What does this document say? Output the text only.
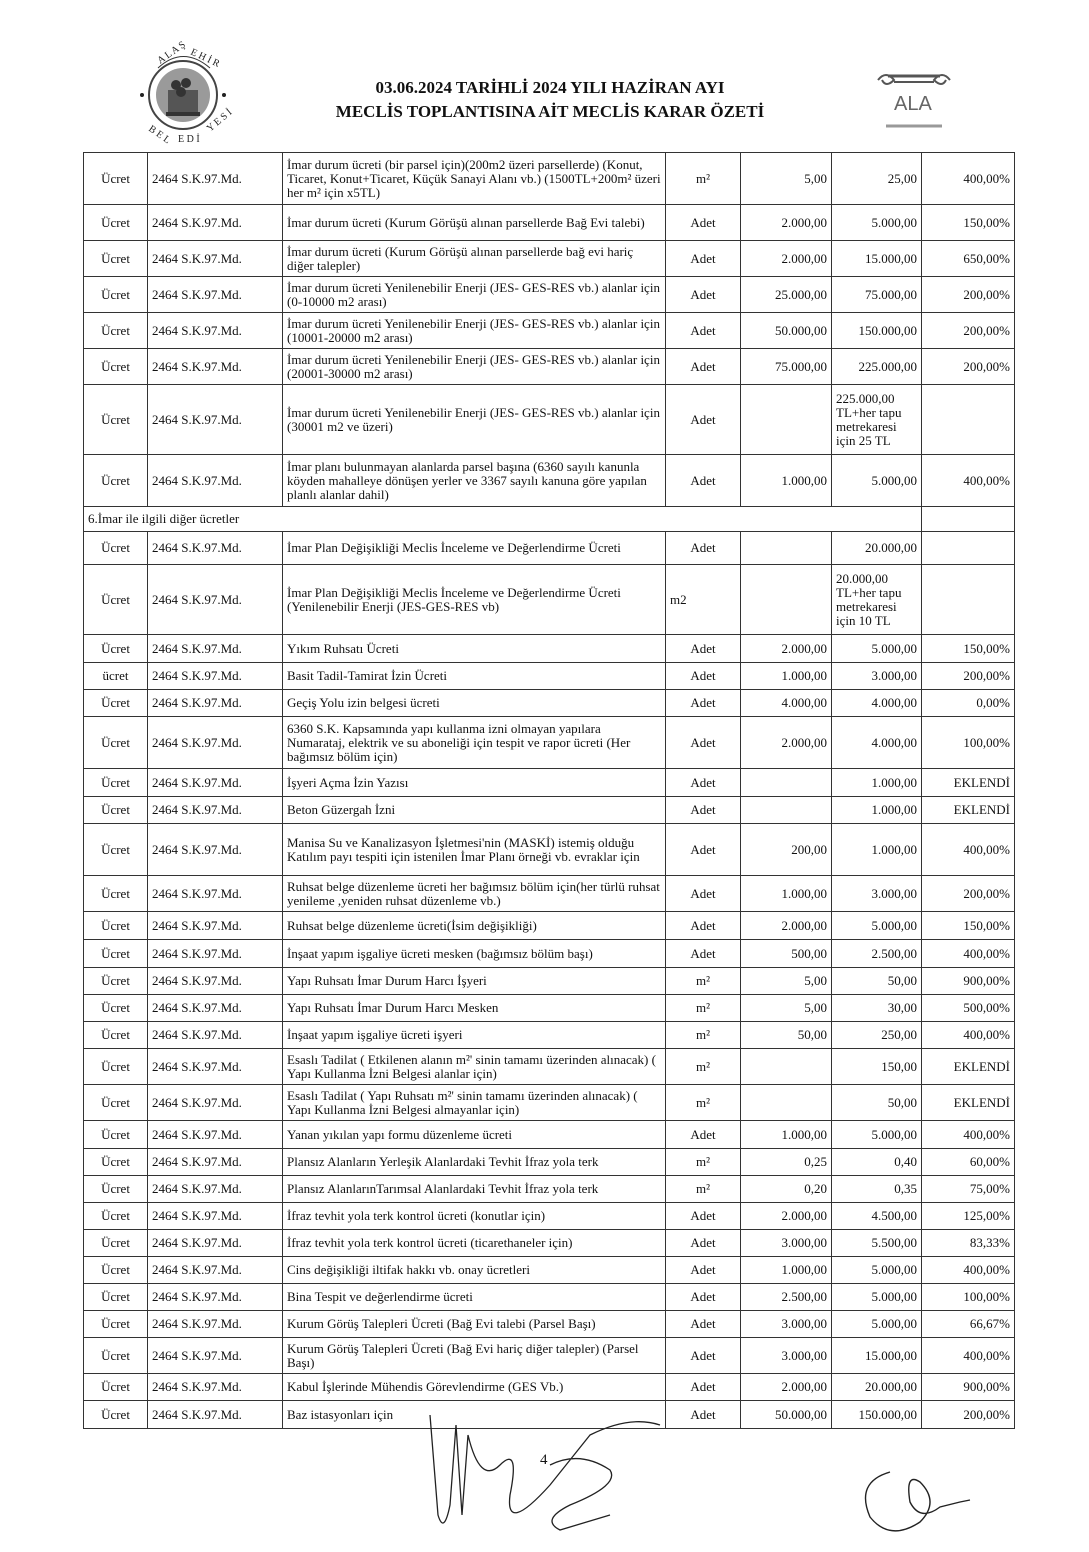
A L A Ş E H İ R
B E L E D İ
Y E S İ
03.06.2024 TARİHLİ 2024 YILI HAZİRAN AYI
MECLİS TOPLANTISINA AİT MECLİS KARAR ÖZETİ	ALA
Ücret	2464 S.K.97.Md.	İmar durum ücreti (bir parsel için)(200m2 üzeri parsellerde) (Konut, Ticaret, Konut+Ticaret, Küçük Sanayi Alanı vb.) (1500TL+200m² üzeri her m² için x5TL)	m²	5,00	25,00	400,00%
Ücret	2464 S.K.97.Md.	İmar durum ücreti (Kurum Görüşü alınan parsellerde Bağ Evi talebi)	Adet	2.000,00	5.000,00	150,00%
Ücret	2464 S.K.97.Md.	İmar durum ücreti (Kurum Görüşü alınan parsellerde bağ evi hariç diğer talepler)	Adet	2.000,00	15.000,00	650,00%
Ücret	2464 S.K.97.Md.	İmar durum ücreti Yenilenebilir Enerji (JES- GES-RES vb.) alanlar için (0-10000 m2 arası)	Adet	25.000,00	75.000,00	200,00%
Ücret	2464 S.K.97.Md.	İmar durum ücreti Yenilenebilir Enerji (JES- GES-RES vb.) alanlar için (10001-20000 m2 arası)	Adet	50.000,00	150.000,00	200,00%
Ücret	2464 S.K.97.Md.	İmar durum ücreti Yenilenebilir Enerji (JES- GES-RES vb.) alanlar için (20001-30000 m2 arası)	Adet	75.000,00	225.000,00	200,00%
Ücret	2464 S.K.97.Md.	İmar durum ücreti Yenilenebilir Enerji (JES- GES-RES vb.) alanlar için (30001 m2 ve üzeri)	Adet		225.000,00 TL+her tapu metrekaresi için 25 TL	
Ücret	2464 S.K.97.Md.	İmar planı bulunmayan alanlarda parsel başına (6360 sayılı kanunla köyden mahalleye dönüşen yerler ve 3367 sayılı kanuna göre yapılan planlı alanlar dahil)	Adet	1.000,00	5.000,00	400,00%
6.İmar ile ilgili diğer ücretler						
Ücret	2464 S.K.97.Md.	İmar Plan Değişikliği Meclis İnceleme ve Değerlendirme Ücreti	Adet		20.000,00	
Ücret	2464 S.K.97.Md.	İmar Plan Değişikliği Meclis İnceleme ve Değerlendirme Ücreti (Yenilenebilir Enerji (JES-GES-RES vb)	m2		20.000,00 TL+her tapu metrekaresi için 10 TL	
Ücret	2464 S.K.97.Md.	Yıkım Ruhsatı Ücreti	Adet	2.000,00	5.000,00	150,00%
ücret	2464 S.K.97.Md.	Basit Tadil-Tamirat İzin Ücreti	Adet	1.000,00	3.000,00	200,00%
Ücret	2464 S.K.97.Md.	Geçiş Yolu izin belgesi ücreti	Adet	4.000,00	4.000,00	0,00%
Ücret	2464 S.K.97.Md.	6360 S.K. Kapsamında yapı kullanma izni olmayan yapılara Numarataj, elektrik ve su aboneliği için tespit ve rapor ücreti (Her bağımsız bölüm için)	Adet	2.000,00	4.000,00	100,00%
Ücret	2464 S.K.97.Md.	İşyeri Açma İzin Yazısı	Adet		1.000,00	EKLENDİ
Ücret	2464 S.K.97.Md.	Beton Güzergah İzni	Adet		1.000,00	EKLENDİ
Ücret	2464 S.K.97.Md.	Manisa Su ve Kanalizasyon İşletmesi'nin (MASKİ) istemiş olduğu Katılım payı tespiti için istenilen İmar Planı örneği vb. evraklar için	Adet	200,00	1.000,00	400,00%
Ücret	2464 S.K.97.Md.	Ruhsat belge düzenleme ücreti her bağımsız bölüm için(her türlü ruhsat yenileme ,yeniden ruhsat düzenleme vb.)	Adet	1.000,00	3.000,00	200,00%
Ücret	2464 S.K.97.Md.	Ruhsat belge düzenleme ücreti(İsim değişikliği)	Adet	2.000,00	5.000,00	150,00%
Ücret	2464 S.K.97.Md.	İnşaat yapım işgaliye ücreti mesken (bağımsız bölüm başı)	Adet	500,00	2.500,00	400,00%
Ücret	2464 S.K.97.Md.	Yapı Ruhsatı İmar Durum Harcı İşyeri	m²	5,00	50,00	900,00%
Ücret	2464 S.K.97.Md.	Yapı Ruhsatı İmar Durum Harcı Mesken	m²	5,00	30,00	500,00%
Ücret	2464 S.K.97.Md.	İnşaat yapım işgaliye ücreti işyeri	m²	50,00	250,00	400,00%
Ücret	2464 S.K.97.Md.	Esaslı Tadilat ( Etkilenen alanın m²' sinin tamamı üzerinden alınacak) ( Yapı Kullanma İzni Belgesi alanlar için)	m²		150,00	EKLENDİ
Ücret	2464 S.K.97.Md.	Esaslı Tadilat ( Yapı Ruhsatı m²' sinin tamamı üzerinden alınacak) ( Yapı Kullanma İzni Belgesi almayanlar için)	m²		50,00	EKLENDİ
Ücret	2464 S.K.97.Md.	Yanan yıkılan yapı formu düzenleme ücreti	Adet	1.000,00	5.000,00	400,00%
Ücret	2464 S.K.97.Md.	Plansız Alanların Yerleşik Alanlardaki Tevhit İfraz yola terk	m²	0,25	0,40	60,00%
Ücret	2464 S.K.97.Md.	Plansız AlanlarınTarımsal Alanlardaki Tevhit İfraz yola terk	m²	0,20	0,35	75,00%
Ücret	2464 S.K.97.Md.	İfraz tevhit yola terk kontrol ücreti (konutlar için)	Adet	2.000,00	4.500,00	125,00%
Ücret	2464 S.K.97.Md.	İfraz tevhit yola terk kontrol ücreti (ticarethaneler için)	Adet	3.000,00	5.500,00	83,33%
Ücret	2464 S.K.97.Md.	Cins değişikliği iltifak hakkı vb. onay ücretleri	Adet	1.000,00	5.000,00	400,00%
Ücret	2464 S.K.97.Md.	Bina Tespit ve değerlendirme ücreti	Adet	2.500,00	5.000,00	100,00%
Ücret	2464 S.K.97.Md.	Kurum Görüş Talepleri Ücreti (Bağ Evi talebi (Parsel Başı)	Adet	3.000,00	5.000,00	66,67%
Ücret	2464 S.K.97.Md.	Kurum Görüş Talepleri Ücreti (Bağ Evi hariç diğer talepler) (Parsel Başı)	Adet	3.000,00	15.000,00	400,00%
Ücret	2464 S.K.97.Md.	Kabul İşlerinde Mühendis Görevlendirme (GES Vb.)	Adet	2.000,00	20.000,00	900,00%
Ücret	2464 S.K.97.Md.	Baz istasyonları için	Adet	50.000,00	150.000,00	200,00%
4
